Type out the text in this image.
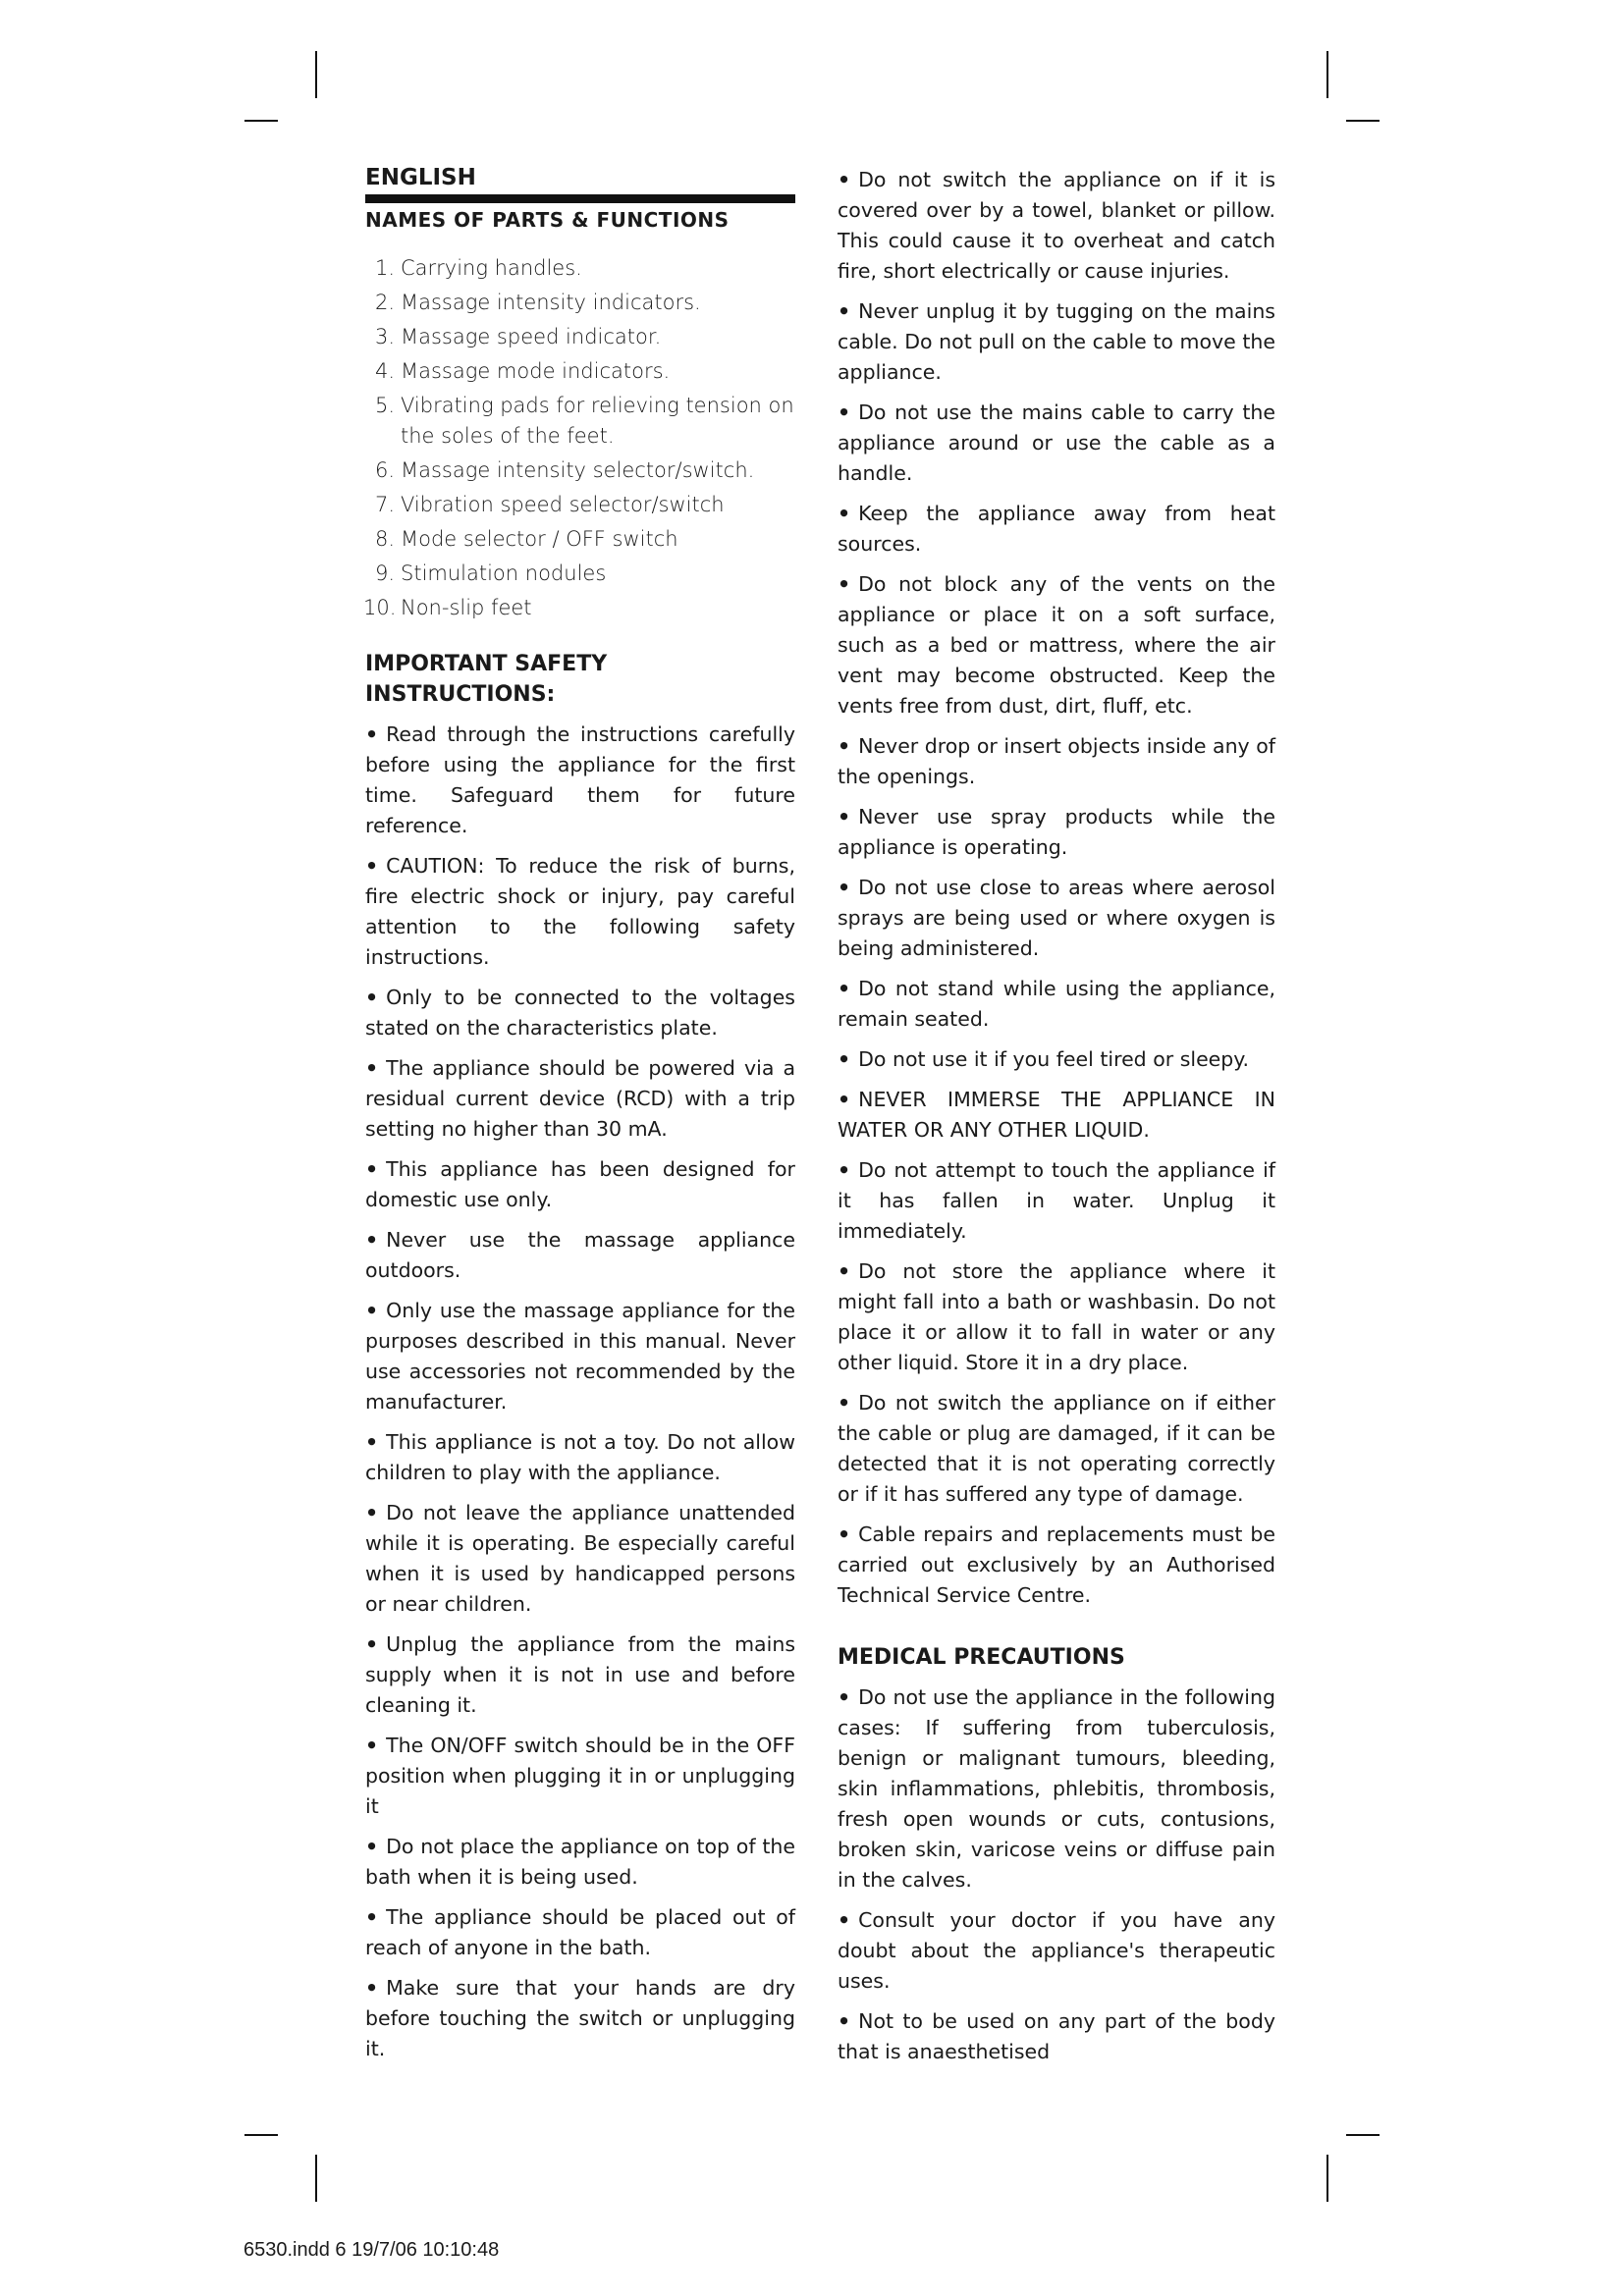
ENGLISH
NAMES OF PARTS & FUNCTIONS
1. Carrying handles.
2. Massage intensity indicators.
3. Massage speed indicator.
4. Massage mode indicators.
5. Vibrating pads for relieving tension on the soles of the feet.
6. Massage intensity selector/switch.
7. Vibration speed selector/switch
8. Mode selector / OFF switch
9. Stimulation nodules
10. Non-slip feet
IMPORTANT SAFETY INSTRUCTIONS:

• Read through the instructions carefully before using the appliance for the first time. Safeguard them for future reference.

• CAUTION: To reduce the risk of burns, fire electric shock or injury, pay careful attention to the following safety instructions.

• Only to be connected to the voltages stated on the characteristics plate.

• The appliance should be powered via a residual current device (RCD) with a trip setting no higher than 30 mA.

• This appliance has been designed for domestic use only.

• Never use the massage appliance outdoors.

• Only use the massage appliance for the purposes described in this manual. Never use accessories not recommended by the manufacturer.

• This appliance is not a toy. Do not allow children to play with the appliance.

• Do not leave the appliance unattended while it is operating. Be especially careful when it is used by handicapped persons or near children.

• Unplug the appliance from the mains supply when it is not in use and before cleaning it.

• The ON/OFF switch should be in the OFF position when plugging it in or unplugging it

• Do not place the appliance on top of the bath when it is being used.

• The appliance should be placed out of reach of anyone in the bath.

• Make sure that your hands are dry before touching the switch or unplugging it.

• Do not switch the appliance on if it is covered over by a towel, blanket or pillow. This could cause it to overheat and catch fire, short electrically or cause injuries.

• Never unplug it by tugging on the mains cable. Do not pull on the cable to move the appliance.

• Do not use the mains cable to carry the appliance around or use the cable as a handle.

• Keep the appliance away from heat sources.

• Do not block any of the vents on the appliance or place it on a soft surface, such as a bed or mattress, where the air vent may become obstructed. Keep the vents free from dust, dirt, fluff, etc.

• Never drop or insert objects inside any of the openings.

• Never use spray products while the appliance is operating.

• Do not use close to areas where aerosol sprays are being used or where oxygen is being administered.

• Do not stand while using the appliance, remain seated.

• Do not use it if you feel tired or sleepy.

• NEVER IMMERSE THE APPLIANCE IN WATER OR ANY OTHER LIQUID.

• Do not attempt to touch the appliance if it has fallen in water. Unplug it immediately.

• Do not store the appliance where it might fall into a bath or washbasin. Do not place it or allow it to fall in water or any other liquid. Store it in a dry place.

• Do not switch the appliance on if either the cable or plug are damaged, if it can be detected that it is not operating correctly or if it has suffered any type of damage.

• Cable repairs and replacements must be carried out exclusively by an Authorised Technical Service Centre.

MEDICAL PRECAUTIONS

• Do not use the appliance in the following cases: If suffering from tuberculosis, benign or malignant tumours, bleeding, skin inflammations, phlebitis, thrombosis, fresh open wounds or cuts, contusions, broken skin, varicose veins or diffuse pain in the calves.

• Consult your doctor if you have any doubt about the appliance's therapeutic uses.

• Not to be used on any part of the body that is anaesthetised

6530.indd 6 19/7/06 10:10:48
